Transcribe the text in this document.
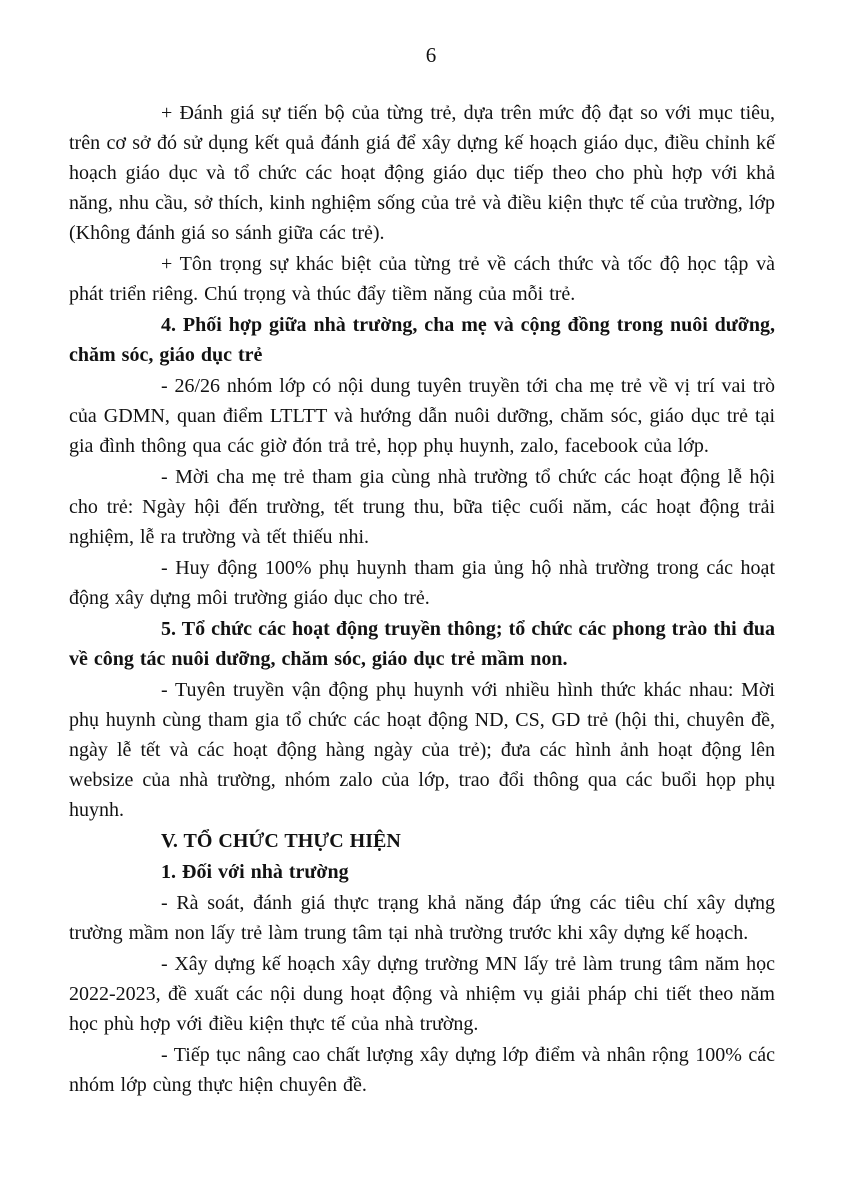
6

+ Đánh giá sự tiến bộ của từng trẻ, dựa trên mức độ đạt so với mục tiêu, trên cơ sở đó sử dụng kết quả đánh giá để xây dựng kế hoạch giáo dục, điều chỉnh kế hoạch giáo dục và tổ chức các hoạt động giáo dục tiếp theo cho phù hợp với khả năng, nhu cầu, sở thích, kinh nghiệm sống của trẻ và điều kiện thực tế của trường, lớp (Không đánh giá so sánh giữa các trẻ).

+ Tôn trọng sự khác biệt của từng trẻ về cách thức và tốc độ học tập và phát triển riêng. Chú trọng và thúc đẩy tiềm năng của mỗi trẻ.

4. Phối hợp giữa nhà trường, cha mẹ và cộng đồng trong nuôi dưỡng, chăm sóc, giáo dục trẻ

- 26/26 nhóm lớp có nội dung tuyên truyền tới cha mẹ trẻ về vị trí vai trò của GDMN, quan điểm LTLTT và hướng dẫn nuôi dưỡng, chăm sóc, giáo dục trẻ tại gia đình thông qua các giờ đón trả trẻ, họp phụ huynh, zalo, facebook của lớp.

- Mời cha mẹ trẻ tham gia cùng nhà trường tổ chức các hoạt động lễ hội cho trẻ: Ngày hội đến trường, tết trung thu, bữa tiệc cuối năm, các hoạt động trải nghiệm, lễ ra trường và tết thiếu nhi.

- Huy động 100% phụ huynh tham gia ủng hộ nhà trường trong các hoạt động xây dựng môi trường giáo dục cho trẻ.

5. Tổ chức các hoạt động truyền thông; tổ chức các phong trào thi đua về công tác nuôi dưỡng, chăm sóc, giáo dục trẻ mầm non.

- Tuyên truyền vận động phụ huynh với nhiều hình thức khác nhau: Mời phụ huynh cùng tham gia tổ chức các hoạt động ND, CS, GD trẻ (hội thi, chuyên đề, ngày lễ tết và các hoạt động hàng ngày của trẻ); đưa các hình ảnh hoạt động lên websize của nhà trường, nhóm zalo của lớp, trao đổi thông qua các buổi họp phụ huynh.

V. TỔ CHỨC THỰC HIỆN

1. Đối với nhà trường

- Rà soát, đánh giá thực trạng khả năng đáp ứng các tiêu chí xây dựng trường mầm non lấy trẻ làm trung tâm tại nhà trường trước khi xây dựng kế hoạch.

- Xây dựng kế hoạch xây dựng trường MN lấy trẻ làm trung tâm năm học 2022-2023, đề xuất các nội dung hoạt động và nhiệm vụ giải pháp chi tiết theo năm học phù hợp với điều kiện thực tế của nhà trường.

- Tiếp tục nâng cao chất lượng xây dựng lớp điểm và nhân rộng 100% các nhóm lớp cùng thực hiện chuyên đề.
